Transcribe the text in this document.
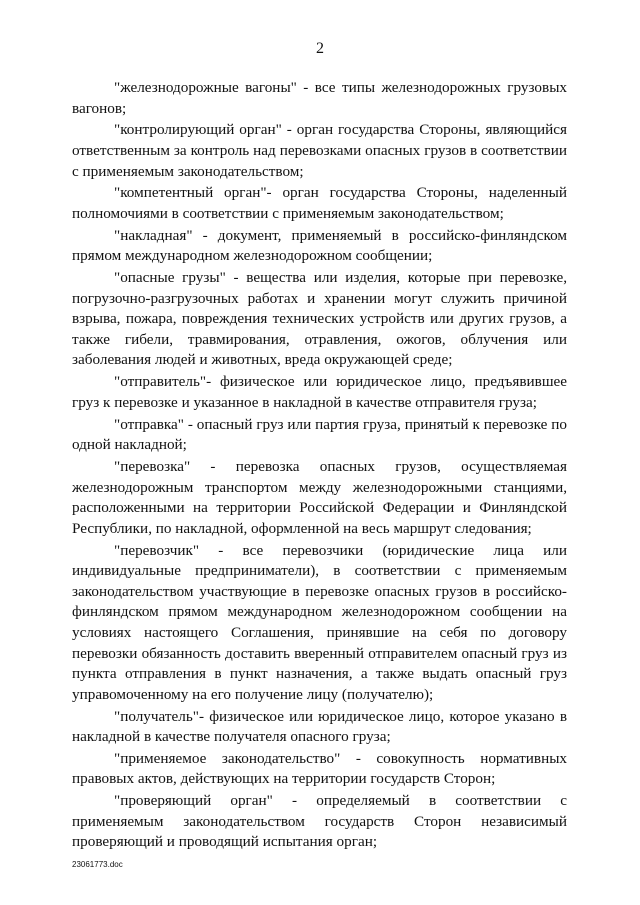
2

"железнодорожные вагоны" - все типы железнодорожных грузовых вагонов;

"контролирующий орган" - орган государства Стороны, являющийся ответственным за контроль над перевозками опасных грузов в соответствии с применяемым законодательством;

"компетентный орган"- орган государства Стороны, наделенный полномочиями в соответствии с применяемым законодательством;

"накладная" - документ, применяемый в российско-финляндском прямом международном железнодорожном сообщении;

"опасные грузы" - вещества или изделия, которые при перевозке, погрузочно-разгрузочных работах и хранении могут служить причиной взрыва, пожара, повреждения технических устройств или других грузов, а также гибели, травмирования, отравления, ожогов, облучения или заболевания людей и животных, вреда окружающей среде;

"отправитель"- физическое или юридическое лицо, предъявившее груз к перевозке и указанное в накладной в качестве отправителя груза;

"отправка" - опасный груз или партия груза, принятый к перевозке по одной накладной;

"перевозка" - перевозка опасных грузов, осуществляемая железнодорожным транспортом между железнодорожными станциями, расположенными на территории Российской Федерации и Финляндской Республики, по накладной, оформленной на весь маршрут следования;

"перевозчик" - все перевозчики (юридические лица или индивидуальные предприниматели), в соответствии с применяемым законодательством участвующие в перевозке опасных грузов в российско-финляндском прямом международном железнодорожном сообщении на условиях настоящего Соглашения, принявшие на себя по договору перевозки обязанность доставить вверенный отправителем опасный груз из пункта отправления в пункт назначения, а также выдать опасный груз управомоченному на его получение лицу (получателю);

"получатель"- физическое или юридическое лицо, которое указано в накладной в качестве получателя опасного груза;

"применяемое законодательство" - совокупность нормативных правовых актов, действующих на территории государств Сторон;

"проверяющий орган" - определяемый в соответствии с применяемым законодательством государств Сторон независимый проверяющий и проводящий испытания орган;

23061773.doc
